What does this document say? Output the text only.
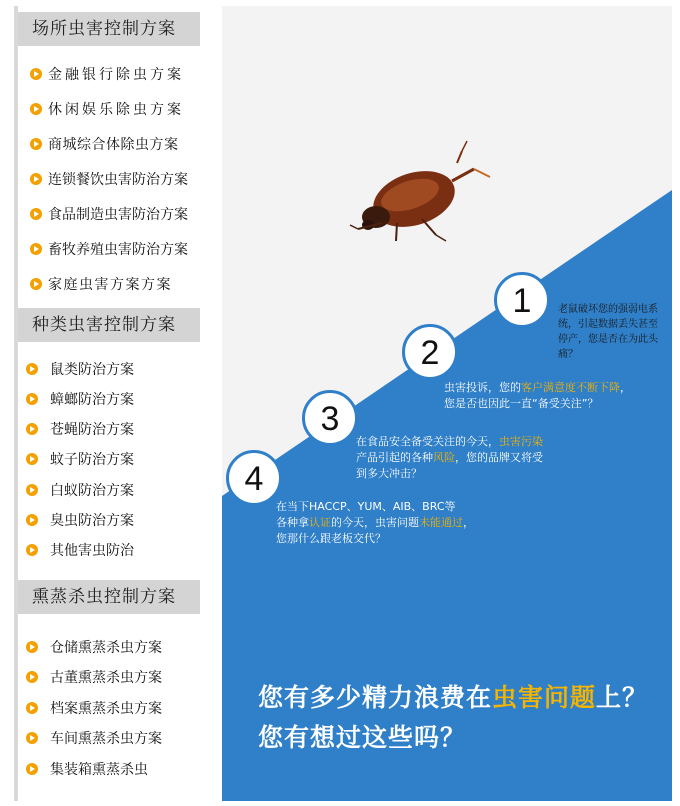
场所虫害控制方案
金融银行除虫方案
休闲娱乐除虫方案
商城综合体除虫方案
连锁餐饮虫害防治方案
食品制造虫害防治方案
畜牧养殖虫害防治方案
家庭虫害方案方案
种类虫害控制方案
鼠类防治方案
蟑螂防治方案
苍蝇防治方案
蚊子防治方案
白蚁防治方案
臭虫防治方案
其他害虫防治
熏蒸杀虫控制方案
仓储熏蒸杀虫方案
古董熏蒸杀虫方案
档案熏蒸杀虫方案
车间熏蒸杀虫方案
集装箱熏蒸杀虫
1	老鼠破坏您的强弱电系
统，引起数据丢失甚至
停产，您是否在为此头
痛？
2
虫害投诉，您的客户满意度不断下降，
您是否也因此一直“备受关注”？
3
在食品安全备受关注的今天，虫害污染
产品引起的各种风险，您的品牌又将受
到多大冲击？
4
在当下HACCP、YUM、AIB、BRC等
各种拿认证的今天，虫害问题未能通过，
您那什么跟老板交代？
您有多少精力浪费在虫害问题上？
您有想过这些吗？
